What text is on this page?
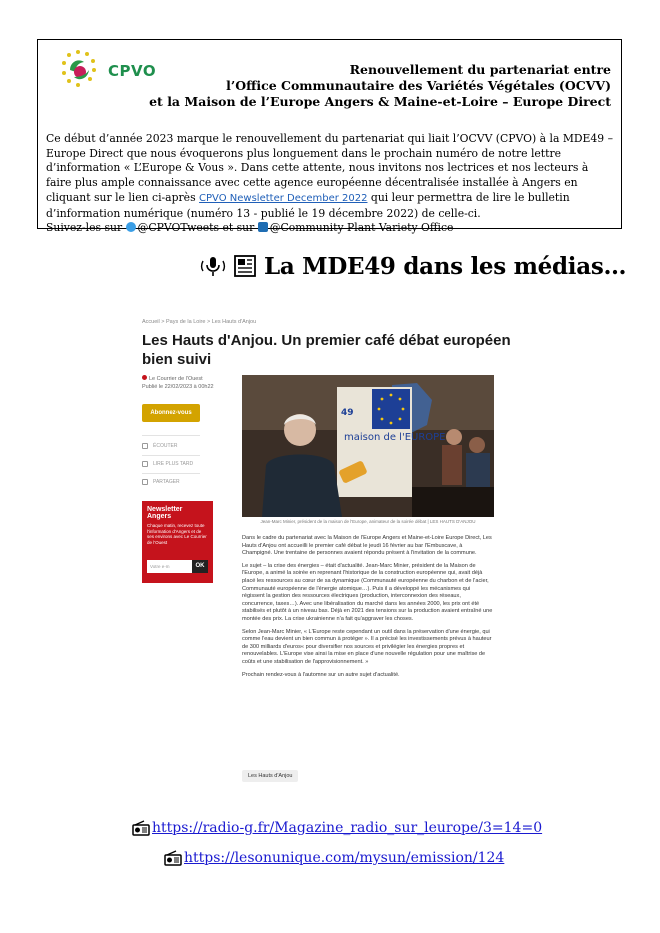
CPVO	Renouvellement du partenariat entre
l’Office Communautaire des Variétés Végétales (OCVV)
et la Maison de l’Europe Angers & Maine-et-Loire – Europe Direct
Ce début d’année 2023 marque le renouvellement du partenariat qui liait l’OCVV (CPVO) à la MDE49 – Europe Direct que nous évoquerons plus longuement dans le prochain numéro de notre lettre d’information « L’Europe & Vous ». Dans cette attente, nous invitons nos lectrices et nos lecteurs à faire plus ample connaissance avec cette agence européenne décentralisée installée à Angers en cliquant sur le lien ci-après CPVO Newsletter December 2022 qui leur permettra de lire le bulletin d’information numérique (numéro 13 - publié le 19 décembre 2022) de celle-ci.
Suivez-les sur @CPVOTweets et sur @Community Plant Variety Office
La MDE49 dans les médias…
Accueil > Pays de la Loire > Les Hauts d'Anjou
Les Hauts d'Anjou. Un premier café débat européen bien suivi
Le Courrier de l'Ouest
Publié le 22/02/2023 à 00h22
Abonnez-vous
ÉCOUTER
LIRE PLUS TARD
PARTAGER
Newsletter Angers
Chaque matin, recevez toute l'information d'Angers et de ses environs avec Le Courrier de l'Ouest
Votre e-m	OK
49
maison de l'EUROPE
Jean-Marc Minier, président de la maison de l'Europe, animateur de la soirée débat | LES HAUTS D'ANJOU

Dans le cadre du partenariat avec la Maison de l'Europe Angers et Maine-et-Loire Europe Direct, Les Hauts d'Anjou ont accueilli le premier café débat le jeudi 16 février au bar l'Embuscave, à Champigné. Une trentaine de personnes avaient répondu présent à l'invitation de la commune.

Le sujet – la crise des énergies – était d'actualité. Jean-Marc Minier, président de la Maison de l'Europe, a animé la soirée en reprenant l'historique de la construction européenne qui, avait déjà placé les ressources au cœur de sa dynamique (Communauté européenne du charbon et de l'acier, Communauté européenne de l'énergie atomique…). Puis il a développé les mécanismes qui régissent la gestion des ressources électriques (production, interconnexion des réseaux, concurrence, taxes…). Avec une libéralisation du marché dans les années 2000, les prix ont été stabilisés et plutôt à un niveau bas. Déjà en 2021 des tensions sur la production avaient entraîné une montée des prix. La crise ukrainienne n'a fait qu'aggraver les choses.

Selon Jean-Marc Minier, « L'Europe reste cependant un outil dans la préservation d'une énergie, qui comme l'eau devient un bien commun à protéger ». Il a précisé les investissements prévus à hauteur de 300 milliards d'euros« pour diversifier nos sources et privilégier les énergies propres et renouvelables. L'Europe vise ainsi la mise en place d'une nouvelle régulation pour une maîtrise de coûts et une stabilisation de l'approvisionnement. »

Prochain rendez-vous à l'automne sur un autre sujet d'actualité.

Les Hauts d'Anjou
https://radio-g.fr/Magazine_radio_sur_leurope/3=14=0
https://lesonunique.com/mysun/emission/124
